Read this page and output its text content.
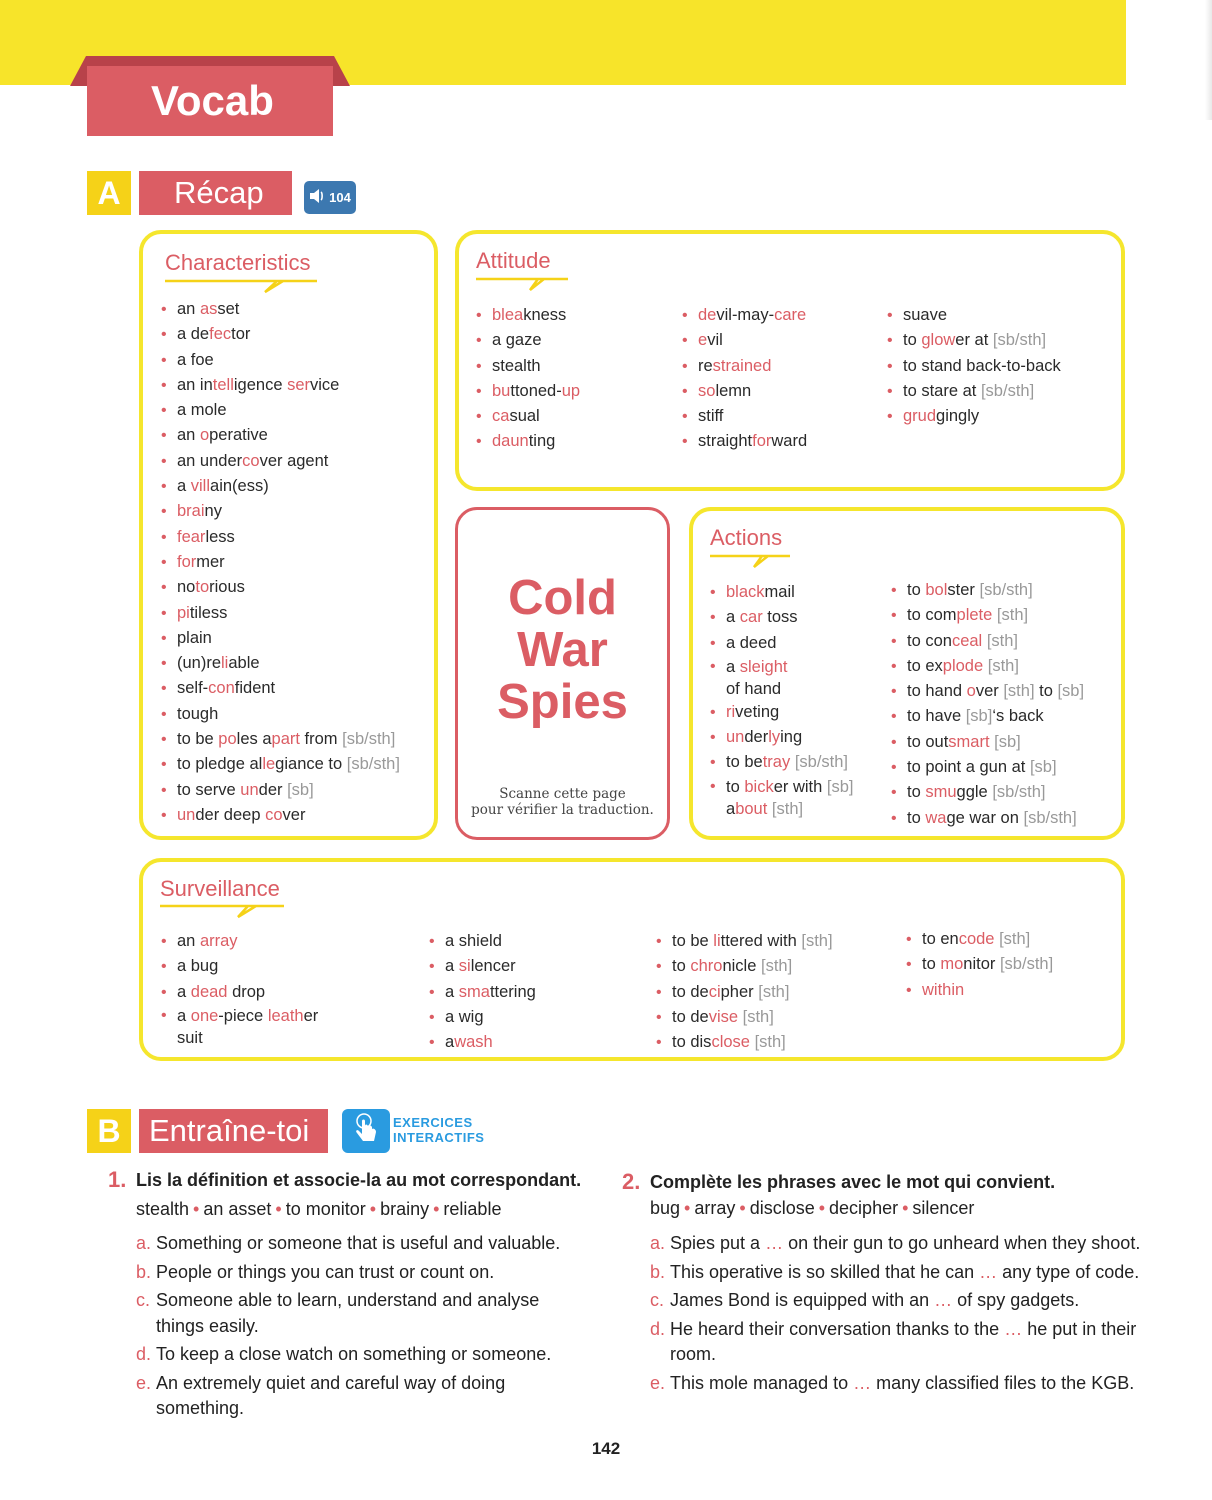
Vocab
A	Récap	104
Characteristics
• an asset
• a defector
• a foe
• an intelligence service
• a mole
• an operative
• an undercover agent
• a villain(ess)
• brainy
• fearless
• former
• notorious
• pitiless
• plain
• (un)reliable
• self-confident
• tough
• to be poles apart from [sb/sth]
• to pledge allegiance to [sb/sth]
• to serve under [sb]
• under deep cover
Attitude
• bleakness
• a gaze
• stealth
• buttoned-up
• casual
• daunting
• devil-may-care
• evil
• restrained
• solemn
• stiff
• straightforward
• suave
• to glower at [sb/sth]
• to stand back-to-back
• to stare at [sb/sth]
• grudgingly
Cold
War
Spies
Scanne cette page
pour vérifier la traduction.
Actions
• blackmail
• a car toss
• a deed
• a sleight
of hand
• riveting
• underlying
• to betray [sb/sth]
• to bicker with [sb]
about [sth]
• to bolster [sb/sth]
• to complete [sth]
• to conceal [sth]
• to explode [sth]
• to hand over [sth] to [sb]
• to have [sb]‘s back
• to outsmart [sb]
• to point a gun at [sb]
• to smuggle [sb/sth]
• to wage war on [sb/sth]
Surveillance
• an array
• a bug
• a dead drop
• a one-piece leather
suit
• a shield
• a silencer
• a smattering
• a wig
• awash
• to be littered with [sth]
• to chronicle [sth]
• to decipher [sth]
• to devise [sth]
• to disclose [sth]
• to encode [sth]
• to monitor [sb/sth]
• within
B Entraîne-toi	EXERCICES
INTERACTIFS
1. Lis la définition et associe-la au mot correspondant.
stealth • an asset • to monitor • brainy • reliable
a. Something or someone that is useful and valuable.
b. People or things you can trust or count on.
c. Someone able to learn, understand and analyse things easily.
d. To keep a close watch on something or someone.
e. An extremely quiet and careful way of doing something.
2. Complète les phrases avec le mot qui convient.
bug • array • disclose • decipher • silencer
a. Spies put a … on their gun to go unheard when they shoot.
b. This operative is so skilled that he can … any type of code.
c. James Bond is equipped with an … of spy gadgets.
d. He heard their conversation thanks to the … he put in their room.
e. This mole managed to … many classified files to the KGB.
142
